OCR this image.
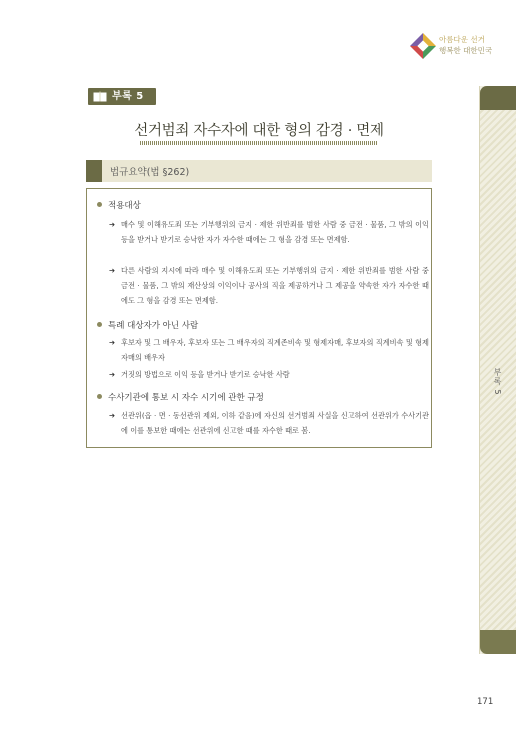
아름다운 선거
행복한 대한민국
부록 5
부록 5
선거범죄 자수자에 대한 형의 감경 · 면제
법규요약(법 §262)
적용대상
➔ 매수 및 이해유도죄 또는 기부행위의 금지 · 제한 위반죄를 범한 사람 중 금전 · 물품, 그 밖의 이익 등을 받거나 받기로 승낙한 자가 자수한 때에는 그 형을 감경 또는 면제함.
➔ 다른 사람의 지시에 따라 매수 및 이해유도죄 또는 기부행위의 금지 · 제한 위반죄를 범한 사람 중 금전 · 물품, 그 밖의 재산상의 이익이나 공사의 직을 제공하거나 그 제공을 약속한 자가 자수한 때에도 그 형을 감경 또는 면제함.
특례 대상자가 아닌 사람
➔ 후보자 및 그 배우자, 후보자 또는 그 배우자의 직계존비속 및 형제자매, 후보자의 직계비속 및 형제자매의 배우자
➔ 거짓의 방법으로 이익 등을 받거나 받기로 승낙한 사람
수사기관에 통보 시 자수 시기에 관한 규정
➔ 선관위(읍 · 면 · 동선관위 제외, 이하 같음)에 자신의 선거범죄 사실을 신고하여 선관위가 수사기관에 이를 통보한 때에는 선관위에 신고한 때를 자수한 때로 봄.
171
